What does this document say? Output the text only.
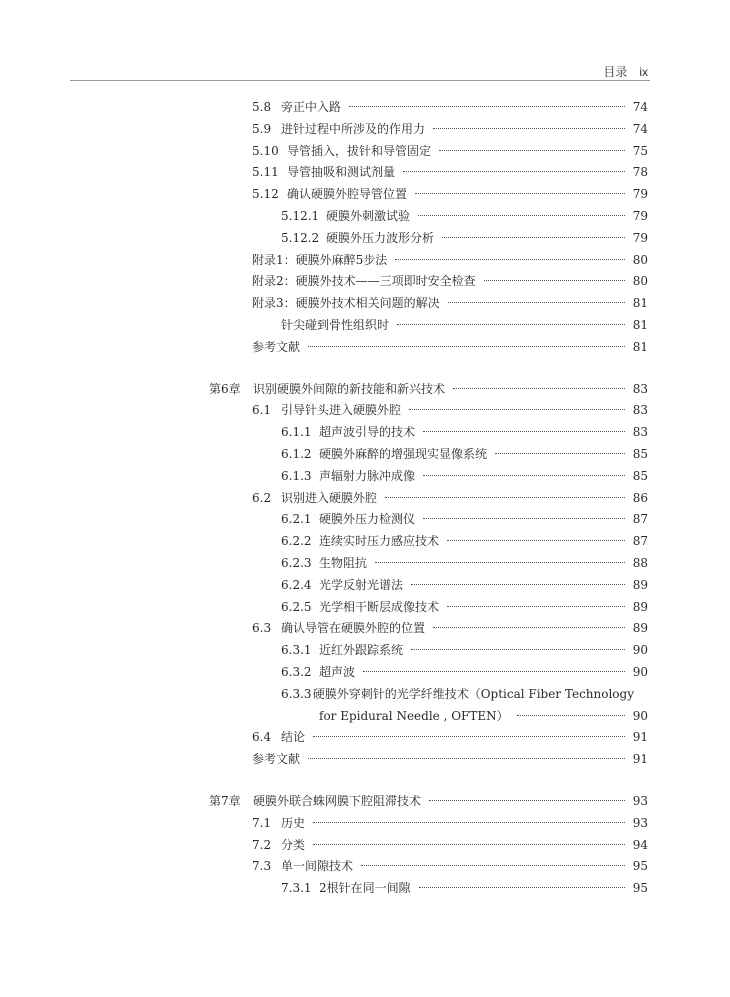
目录 ix
5.8 旁正中入路	74
5.9 进针过程中所涉及的作用力	74
5.10 导管插入，拔针和导管固定	75
5.11 导管抽吸和测试剂量	78
5.12 确认硬膜外腔导管位置	79
5.12.1 硬膜外刺激试验	79
5.12.2 硬膜外压力波形分析	79
附录1：硬膜外麻醉5步法	80
附录2：硬膜外技术——三项即时安全检查	80
附录3：硬膜外技术相关问题的解决	81
针尖碰到骨性组织时	81
参考文献	81
第6章	识别硬膜外间隙的新技能和新兴技术	83
6.1 引导针头进入硬膜外腔	83
6.1.1 超声波引导的技术	83
6.1.2 硬膜外麻醉的增强现实显像系统	85
6.1.3 声辐射力脉冲成像	85
6.2 识别进入硬膜外腔	86
6.2.1 硬膜外压力检测仪	87
6.2.2 连续实时压力感应技术	87
6.2.3 生物阻抗	88
6.2.4 光学反射光谱法	89
6.2.5 光学相干断层成像技术	89
6.3 确认导管在硬膜外腔的位置	89
6.3.1 近红外跟踪系统	90
6.3.2 超声波	90
6.3.3 硬膜外穿刺针的光学纤维技术（Optical Fiber Technology
for Epidural Needle , OFTEN）	90
6.4 结论	91
参考文献	91
第7章	硬膜外联合蛛网膜下腔阻滞技术	93
7.1 历史	93
7.2 分类	94
7.3 单一间隙技术	95
7.3.1 2根针在同一间隙	95
